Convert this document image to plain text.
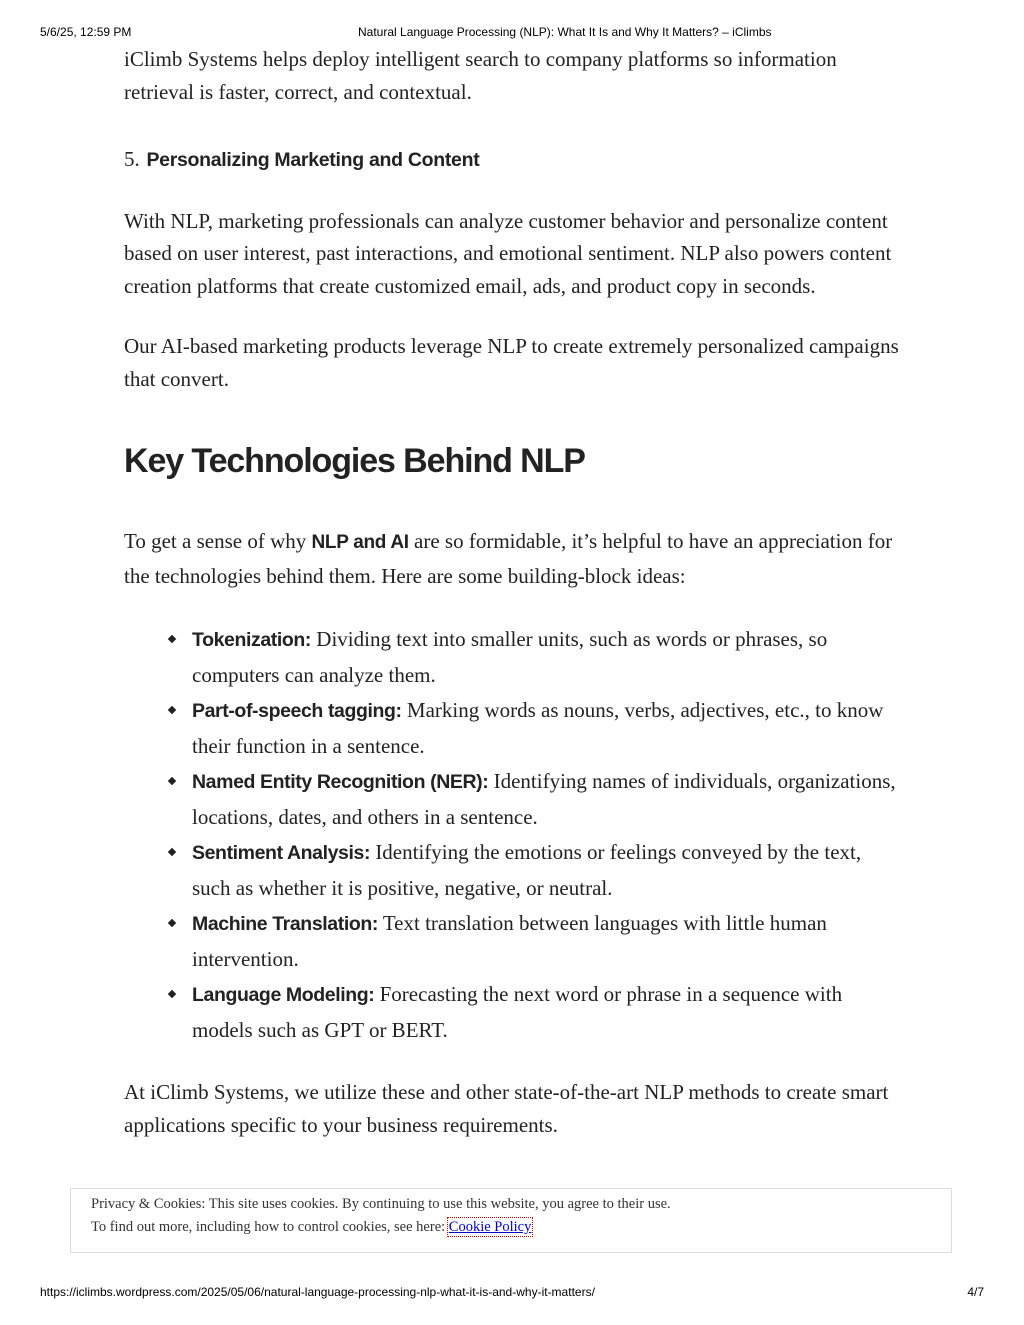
5/6/25, 12:59 PM	Natural Language Processing (NLP): What It Is and Why It Matters? – iClimbs

iClimb Systems helps deploy intelligent search to company platforms so information retrieval is faster, correct, and contextual.

5. Personalizing Marketing and Content

With NLP, marketing professionals can analyze customer behavior and personalize content based on user interest, past interactions, and emotional sentiment. NLP also powers content creation platforms that create customized email, ads, and product copy in seconds.

Our AI-based marketing products leverage NLP to create extremely personalized campaigns that convert.

Key Technologies Behind NLP

To get a sense of why NLP and AI are so formidable, it’s helpful to have an appreciation for the technologies behind them. Here are some building-block ideas:

Tokenization: Dividing text into smaller units, such as words or phrases, so computers can analyze them.
Part-of-speech tagging: Marking words as nouns, verbs, adjectives, etc., to know their function in a sentence.
Named Entity Recognition (NER): Identifying names of individuals, organizations, locations, dates, and others in a sentence.
Sentiment Analysis: Identifying the emotions or feelings conveyed by the text, such as whether it is positive, negative, or neutral.
Machine Translation: Text translation between languages with little human intervention.
Language Modeling: Forecasting the next word or phrase in a sequence with models such as GPT or BERT.

At iClimb Systems, we utilize these and other state-of-the-art NLP methods to create smart applications specific to your business requirements.

Privacy & Cookies: This site uses cookies. By continuing to use this website, you agree to their use.
To find out more, including how to control cookies, see here: Cookie Policy
https://iclimbs.wordpress.com/2025/05/06/natural-language-processing-nlp-what-it-is-and-why-it-matters/	4/7
